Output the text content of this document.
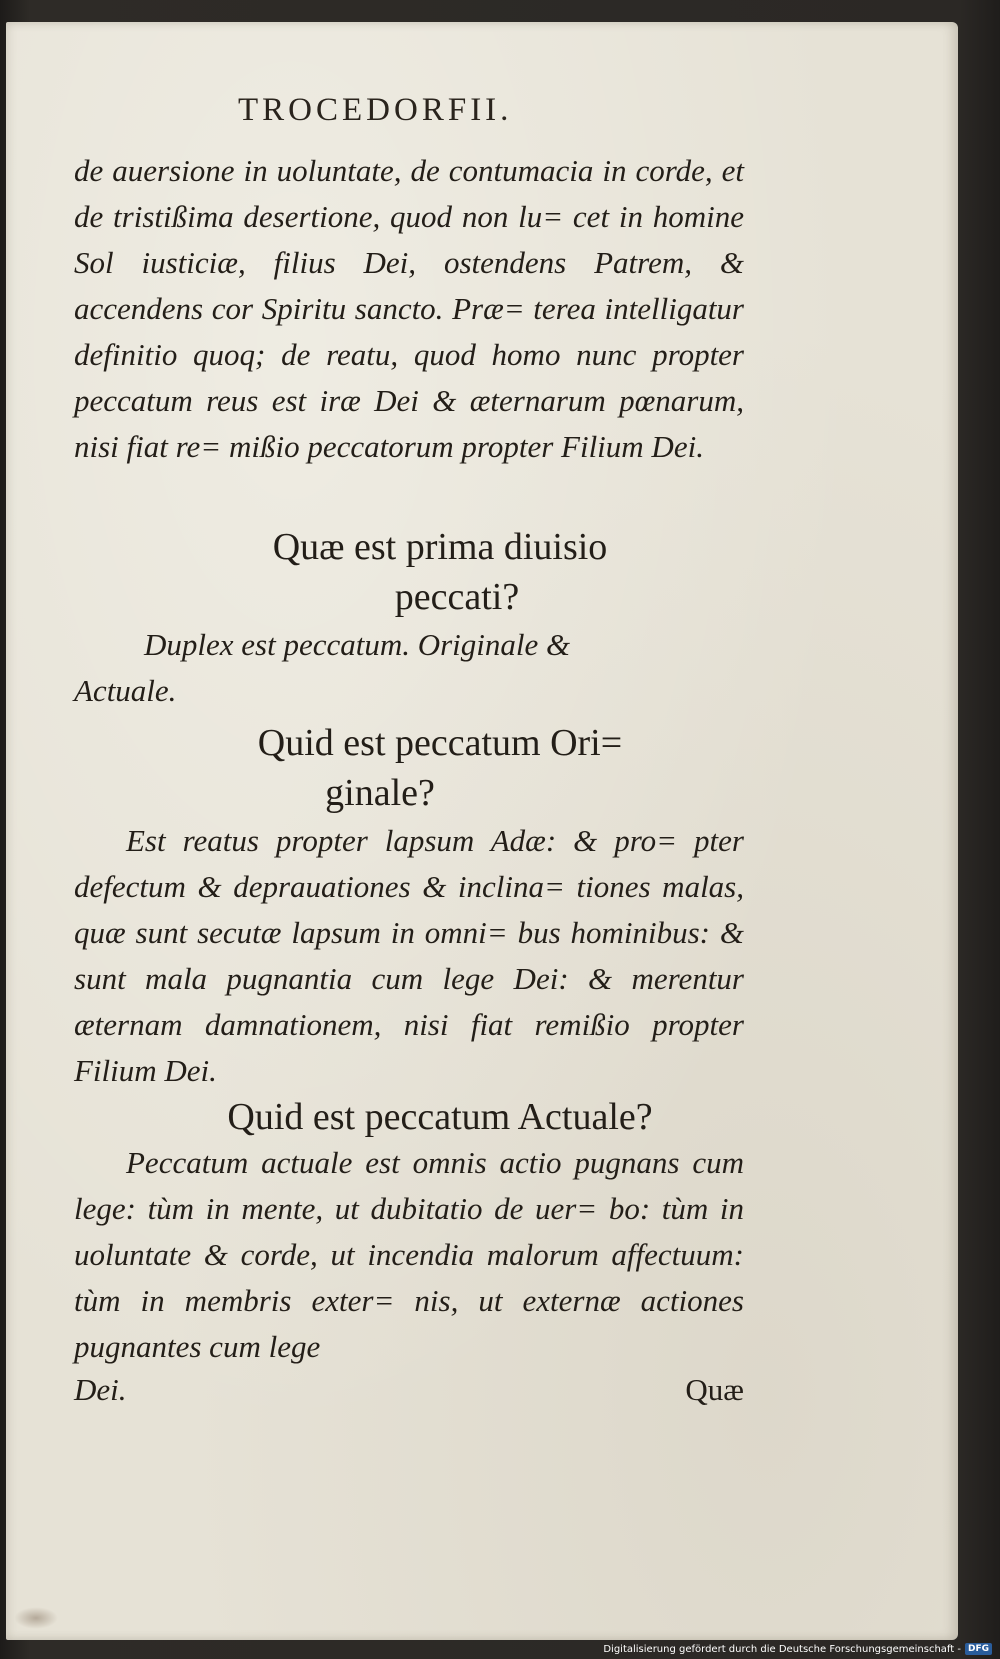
TROCEDORFII.
de auersione in uoluntate, de contumacia in corde, et de tristißima desertione, quod non lu= cet in homine Sol iusticiæ, filius Dei, ostendens Patrem, & accendens cor Spiritu sancto. Præ= terea intelligatur definitio quoq; de reatu, quod homo nunc propter peccatum reus est iræ Dei & æternarum pœnarum, nisi fiat re= mißio peccatorum propter Filium Dei.
Quæ est prima diuisio
peccati?
Duplex est peccatum. Originale &
Actuale.
Quid est peccatum Ori=
ginale?
Est reatus propter lapsum Adæ: & pro= pter defectum & deprauationes & inclina= tiones malas, quæ sunt secutæ lapsum in omni= bus hominibus: & sunt mala pugnantia cum lege Dei: & merentur æternam damnationem, nisi fiat remißio propter Filium Dei.
Quid est peccatum Actuale?
Peccatum actuale est omnis actio pugnans cum lege: tùm in mente, ut dubitatio de uer= bo: tùm in uoluntate & corde, ut incendia malorum affectuum: tùm in membris exter= nis, ut externæ actiones pugnantes cum lege
Dei.	Quæ
Digitalisierung gefördert durch die Deutsche Forschungsgemeinschaft - DFG
